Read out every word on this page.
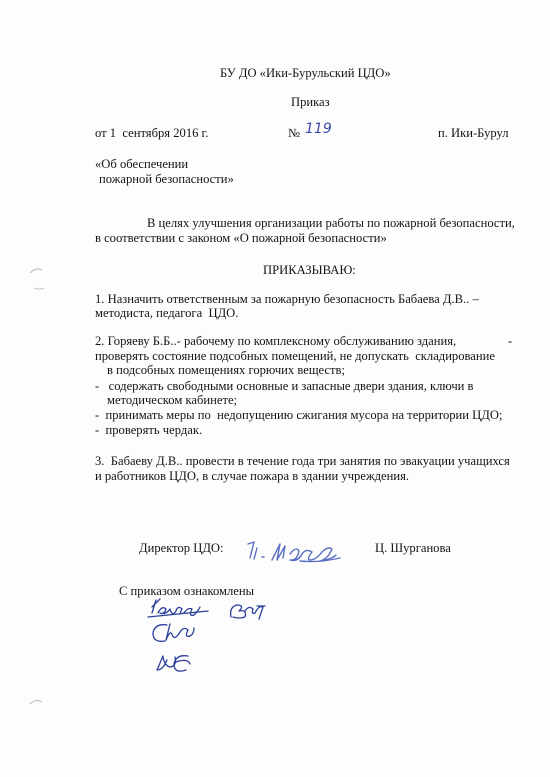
БУ ДО «Ики-Бурульский ЦДО»
Приказ
от 1  сентября 2016 г.	№ 119	п. Ики-Бурул
«Об обеспечении
пожарной безопасности»
В целях улучшения организации работы по пожарной безопасности,
в соответствии с законом «О пожарной безопасности»
ПРИКАЗЫВАЮ:
1. Назначить ответственным за пожарную безопасность Бабаева Д.В.. –
методиста, педагога  ЦДО.
2. Горяеву Б.Б..- рабочему по комплексному обслуживанию здания,	-
проверять состояние подсобных помещений, не допускать  складирование
в подсобных помещениях горючих веществ;
-   содержать свободными основные и запасные двери здания, ключи в
методическом кабинете;
-  принимать меры по  недопущению сжигания мусора на территории ЦДО;
-  проверять чердак.
3.  Бабаеву Д.В.. провести в течение года три занятия по эвакуации учащихся
и работников ЦДО, в случае пожара в здании учреждения.
Директор ЦДО:	Ц. Шурганова
С приказом ознакомлены
